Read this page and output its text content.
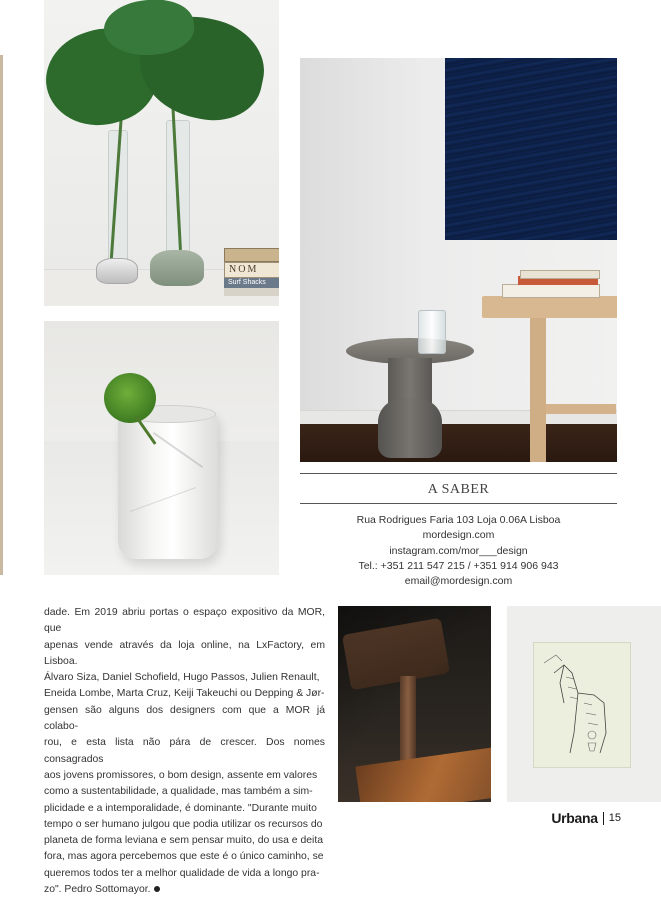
NOM
Surf Shacks
A SABER
Rua Rodrigues Faria 103 Loja 0.06A Lisboa
mordesign.com
instagram.com/mor___design
Tel.: +351 211 547 215 / +351 914 906 943
email@mordesign.com
dade. Em 2019 abriu portas o espaço expositivo da MOR, que
apenas vende através da loja online, na LxFactory, em Lisboa.
Álvaro Siza, Daniel Schofield, Hugo Passos, Julien Renault,
Eneida Lombe, Marta Cruz, Keiji Takeuchi ou Depping & Jør-
gensen são alguns dos designers com que a MOR já colabo-
rou, e esta lista não pára de crescer. Dos nomes consagrados
aos jovens promissores, o bom design, assente em valores
como a sustentabilidade, a qualidade, mas também a sim-
plicidade e a intemporalidade, é dominante. "Durante muito
tempo o ser humano julgou que podia utilizar os recursos do
planeta de forma leviana e sem pensar muito, do usa e deita
fora, mas agora percebemos que este é o único caminho, se
queremos todos ter a melhor qualidade de vida a longo pra-
zo". Pedro Sottomayor.
Urbana 15
